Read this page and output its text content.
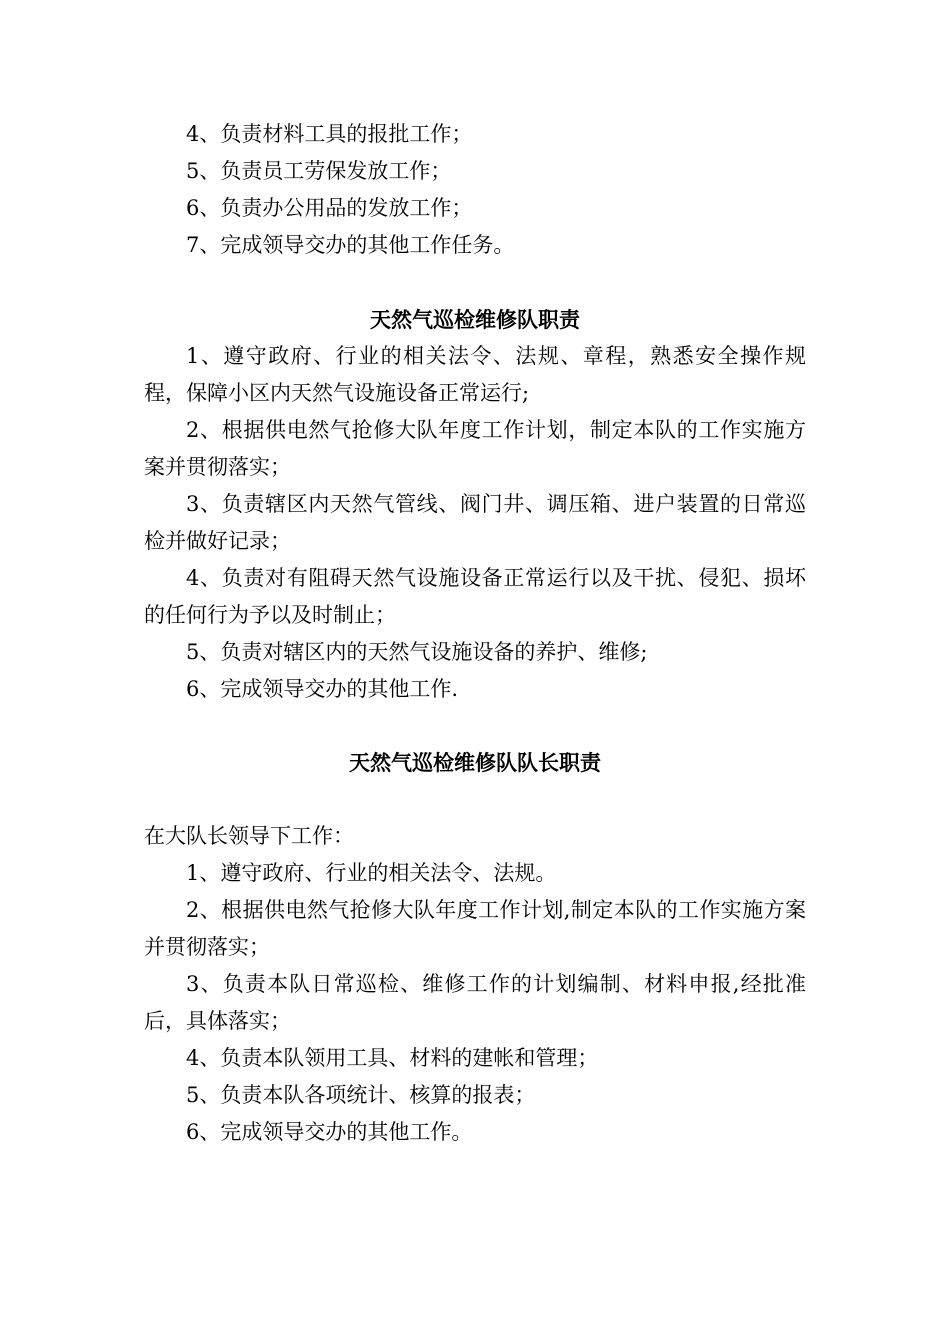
4、负责材料工具的报批工作；

5、负责员工劳保发放工作；

6、负责办公用品的发放工作；

7、完成领导交办的其他工作任务。

天然气巡检维修队职责

1、遵守政府、行业的相关法令、法规、章程，熟悉安全操作规程，保障小区内天然气设施设备正常运行;

2、根据供电然气抢修大队年度工作计划，制定本队的工作实施方案并贯彻落实；

3、负责辖区内天然气管线、阀门井、调压箱、进户装置的日常巡检并做好记录；

4、负责对有阻碍天然气设施设备正常运行以及干扰、侵犯、损坏的任何行为予以及时制止；

5、负责对辖区内的天然气设施设备的养护、维修;

6、完成领导交办的其他工作.

天然气巡检维修队队长职责

在大队长领导下工作：

1、遵守政府、行业的相关法令、法规。

2、根据供电然气抢修大队年度工作计划,制定本队的工作实施方案并贯彻落实；

3、负责本队日常巡检、维修工作的计划编制、材料申报,经批准后，具体落实；

4、负责本队领用工具、材料的建帐和管理；

5、负责本队各项统计、核算的报表；

6、完成领导交办的其他工作。
